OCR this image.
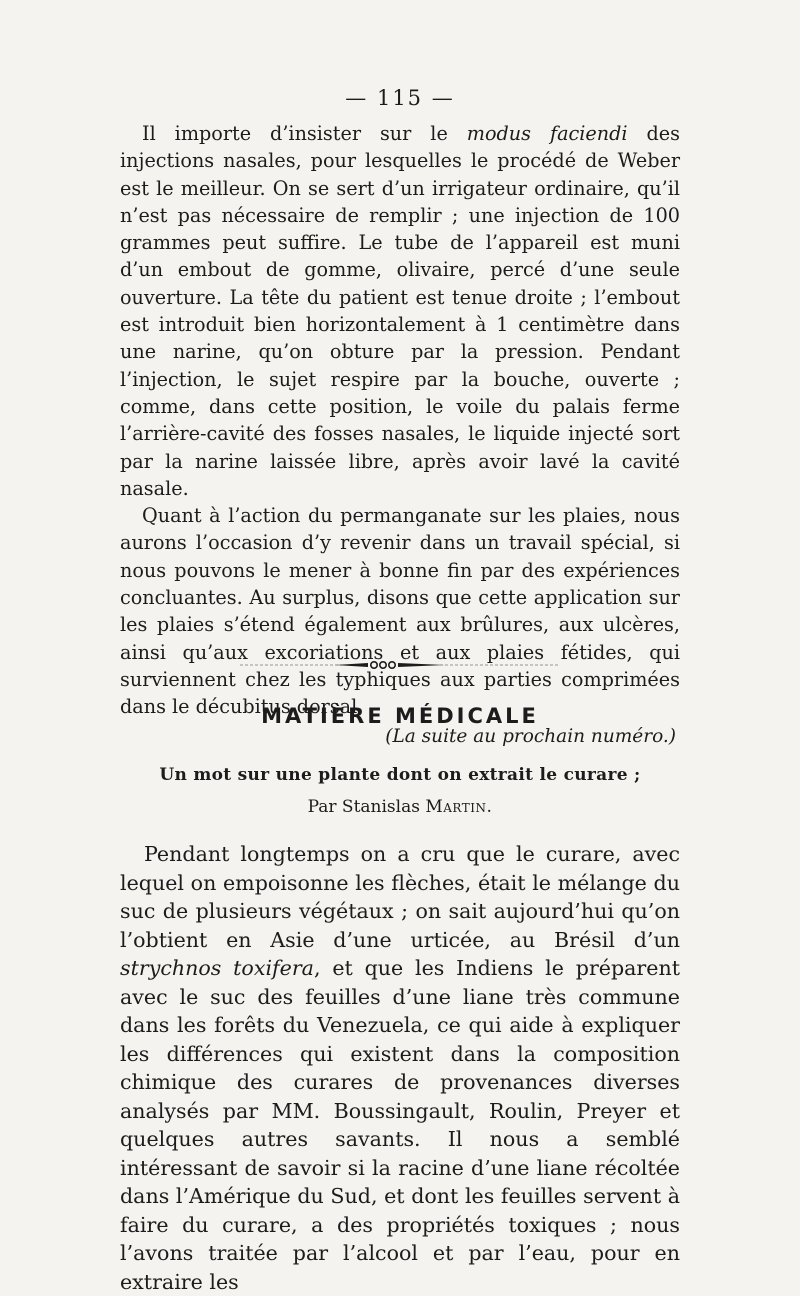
— 115 —

Il importe d’insister sur le modus faciendi des injections nasales, pour lesquelles le procédé de Weber est le meilleur. On se sert d’un irrigateur ordinaire, qu’il n’est pas nécessaire de remplir ; une injection de 100 grammes peut suffire. Le tube de l’appareil est muni d’un embout de gomme, olivaire, percé d’une seule ouverture. La tête du patient est tenue droite ; l’embout est introduit bien horizontalement à 1 centimètre dans une narine, qu’on obture par la pression. Pendant l’injection, le sujet respire par la bouche, ouverte ; comme, dans cette position, le voile du palais ferme l’arrière-cavité des fosses nasales, le liquide injecté sort par la narine laissée libre, après avoir lavé la cavité nasale.

Quant à l’action du permanganate sur les plaies, nous aurons l’occasion d’y revenir dans un travail spécial, si nous pouvons le mener à bonne fin par des expériences concluantes. Au surplus, disons que cette application sur les plaies s’étend également aux brûlures, aux ulcères, ainsi qu’aux excoriations et aux plaies fétides, qui surviennent chez les typhiques aux parties comprimées dans le décubitus dorsal.

(La suite au prochain numéro.)

MATIÈRE MÉDICALE
Un mot sur une plante dont on extrait le curare ;
Par Stanislas Martin.

Pendant longtemps on a cru que le curare, avec lequel on empoisonne les flèches, était le mélange du suc de plusieurs végétaux ; on sait aujourd’hui qu’on l’obtient en Asie d’une urticée, au Brésil d’un strychnos toxifera, et que les Indiens le préparent avec le suc des feuilles d’une liane très commune dans les forêts du Venezuela, ce qui aide à expliquer les différences qui existent dans la composition chimique des curares de provenances diverses analysés par MM. Boussingault, Roulin, Preyer et quelques autres savants. Il nous a semblé intéressant de savoir si la racine d’une liane récoltée dans l’Amérique du Sud, et dont les feuilles servent à faire du curare, a des propriétés toxiques ; nous l’avons traitée par l’alcool et par l’eau, pour en extraire les
